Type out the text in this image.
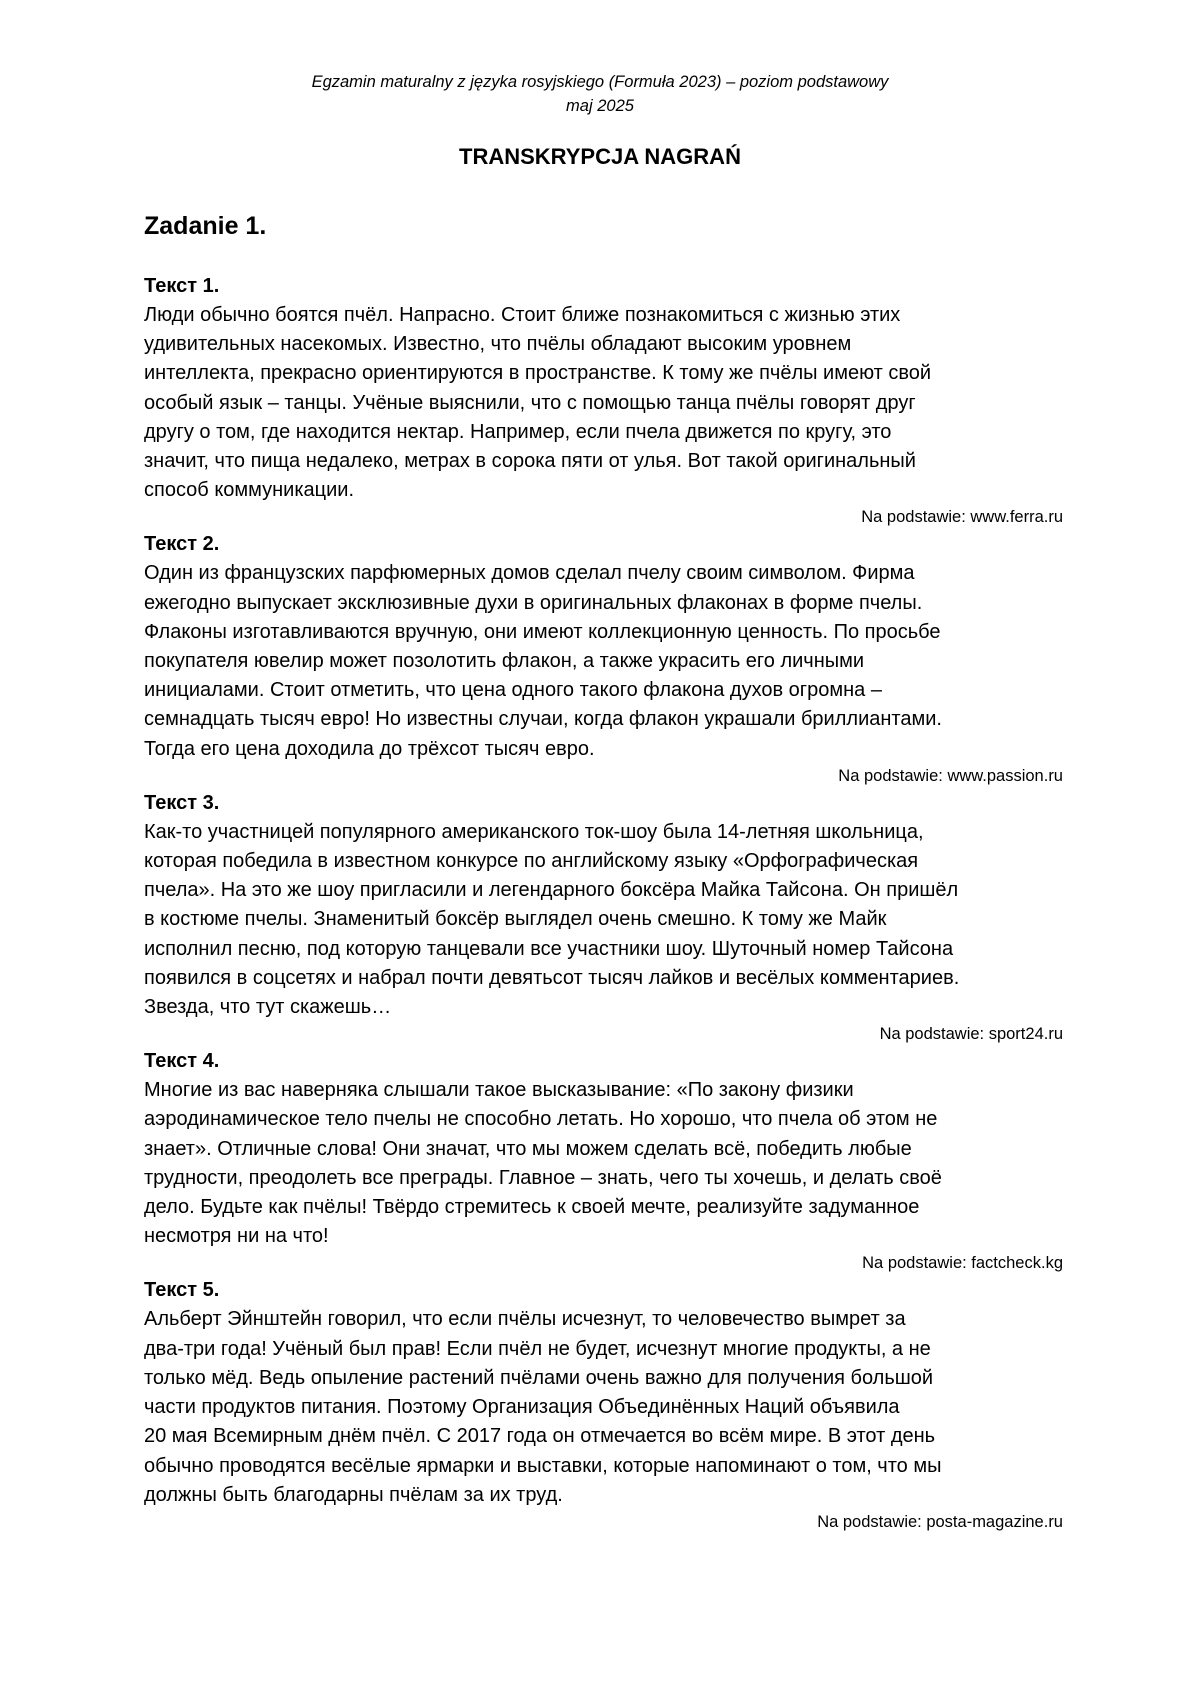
Egzamin maturalny z języka rosyjskiego (Formuła 2023) – poziom podstawowy
maj 2025
TRANSKRYPCJA NAGRAŃ
Zadanie 1.
Текст 1.
Люди обычно боятся пчёл. Напрасно. Стоит ближе познакомиться с жизнью этих
удивительных насекомых. Известно, что пчёлы обладают высоким уровнем
интеллекта, прекрасно ориентируются в пространстве. К тому же пчёлы имеют свой
особый язык – танцы. Учёные выяснили, что с помощью танца пчёлы говорят друг
другу о том, где находится нектар. Например, если пчела движется по кругу, это
значит, что пища недалеко, метрах в сорока пяти от улья. Вот такой оригинальный
способ коммуникации.
Na podstawie: www.ferra.ru
Текст 2.
Один из французских парфюмерных домов сделал пчелу своим символом. Фирма
ежегодно выпускает эксклюзивные духи в оригинальных флаконах в форме пчелы.
Флаконы изготавливаются вручную, они имеют коллекционную ценность. По просьбе
покупателя ювелир может позолотить флакон, а также украсить его личными
инициалами. Стоит отметить, что цена одного такого флакона духов огромна –
семнадцать тысяч евро! Но известны случаи, когда флакон украшали бриллиантами.
Тогда его цена доходила до трёхсот тысяч евро.
Na podstawie: www.passion.ru
Текст 3.
Как-то участницей популярного американского ток-шоу была 14-летняя школьница,
которая победила в известном конкурсе по английскому языку «Орфографическая
пчела». На это же шоу пригласили и легендарного боксёра Майка Тайсона. Он пришёл
в костюме пчелы. Знаменитый боксёр выглядел очень смешно. К тому же Майк
исполнил песню, под которую танцевали все участники шоу. Шуточный номер Тайсона
появился в соцсетях и набрал почти девятьсот тысяч лайков и весёлых комментариев.
Звезда, что тут скажешь…
Na podstawie: sport24.ru
Текст 4.
Многие из вас наверняка слышали такое высказывание: «По закону физики
аэродинамическое тело пчелы не способно летать. Но хорошо, что пчела об этом не
знает». Отличные слова! Они значат, что мы можем сделать всё, победить любые
трудности, преодолеть все преграды. Главное – знать, чего ты хочешь, и делать своё
дело. Будьте как пчёлы! Твёрдо стремитесь к своей мечте, реализуйте задуманное
несмотря ни на что!
Na podstawie: factcheck.kg
Текст 5.
Альберт Эйнштейн говорил, что если пчёлы исчезнут, то человечество вымрет за
два-три года! Учёный был прав! Если пчёл не будет, исчезнут многие продукты, а не
только мёд. Ведь опыление растений пчёлами очень важно для получения большой
части продуктов питания. Поэтому Организация Объединённых Наций объявила
20 мая Всемирным днём пчёл. С 2017 года он отмечается во всём мире. В этот день
обычно проводятся весёлые ярмарки и выставки, которые напоминают о том, что мы
должны быть благодарны пчёлам за их труд.
Na podstawie: posta-magazine.ru
